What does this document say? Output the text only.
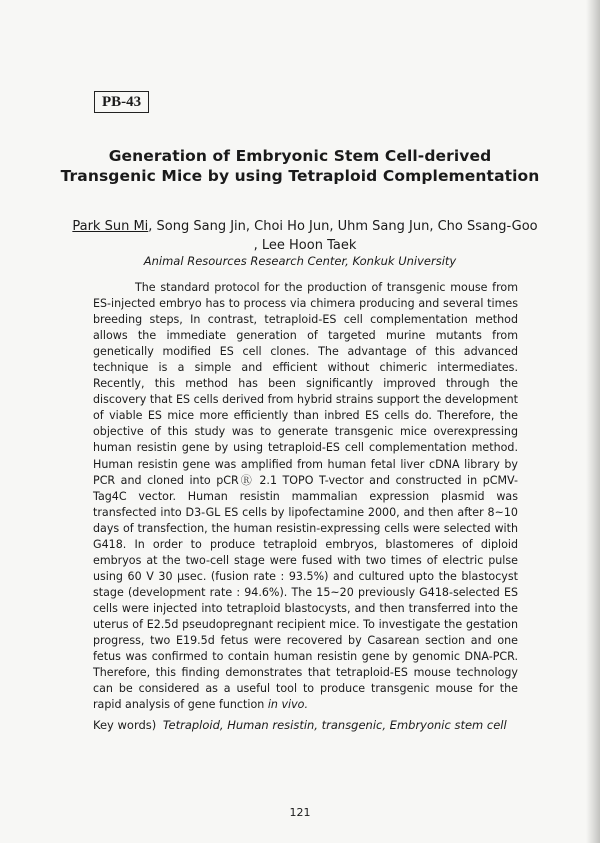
PB-43
Generation of Embryonic Stem Cell-derived Transgenic Mice by using Tetraploid Complementation
Park Sun Mi, Song Sang Jin, Choi Ho Jun, Uhm Sang Jun, Cho Ssang-Goo , Lee Hoon Taek
Animal Resources Research Center, Konkuk University

The standard protocol for the production of transgenic mouse from ES-injected embryo has to process via chimera producing and several times breeding steps, In contrast, tetraploid-ES cell complementation method allows the immediate generation of targeted murine mutants from genetically modified ES cell clones. The advantage of this advanced technique is a simple and efficient without chimeric intermediates. Recently, this method has been significantly improved through the discovery that ES cells derived from hybrid strains support the development of viable ES mice more efficiently than inbred ES cells do. Therefore, the objective of this study was to generate transgenic mice overexpressing human resistin gene by using tetraploid-ES cell complementation method. Human resistin gene was amplified from human fetal liver cDNA library by PCR and cloned into pCRⓇ 2.1 TOPO T-vector and constructed in pCMV-Tag4C vector. Human resistin mammalian expression plasmid was transfected into D3-GL ES cells by lipofectamine 2000, and then after 8~10 days of transfection, the human resistin-expressing cells were selected with G418. In order to produce tetraploid embryos, blastomeres of diploid embryos at the two-cell stage were fused with two times of electric pulse using 60 V 30 μsec. (fusion rate : 93.5%) and cultured upto the blastocyst stage (development rate : 94.6%). The 15~20 previously G418-selected ES cells were injected into tetraploid blastocysts, and then transferred into the uterus of E2.5d pseudopregnant recipient mice. To investigate the gestation progress, two E19.5d fetus were recovered by Casarean section and one fetus was confirmed to contain human resistin gene by genomic DNA-PCR. Therefore, this finding demonstrates that tetraploid-ES mouse technology can be considered as a useful tool to produce transgenic mouse for the rapid analysis of gene function in vivo.

Key words) Tetraploid, Human resistin, transgenic, Embryonic stem cell
121
